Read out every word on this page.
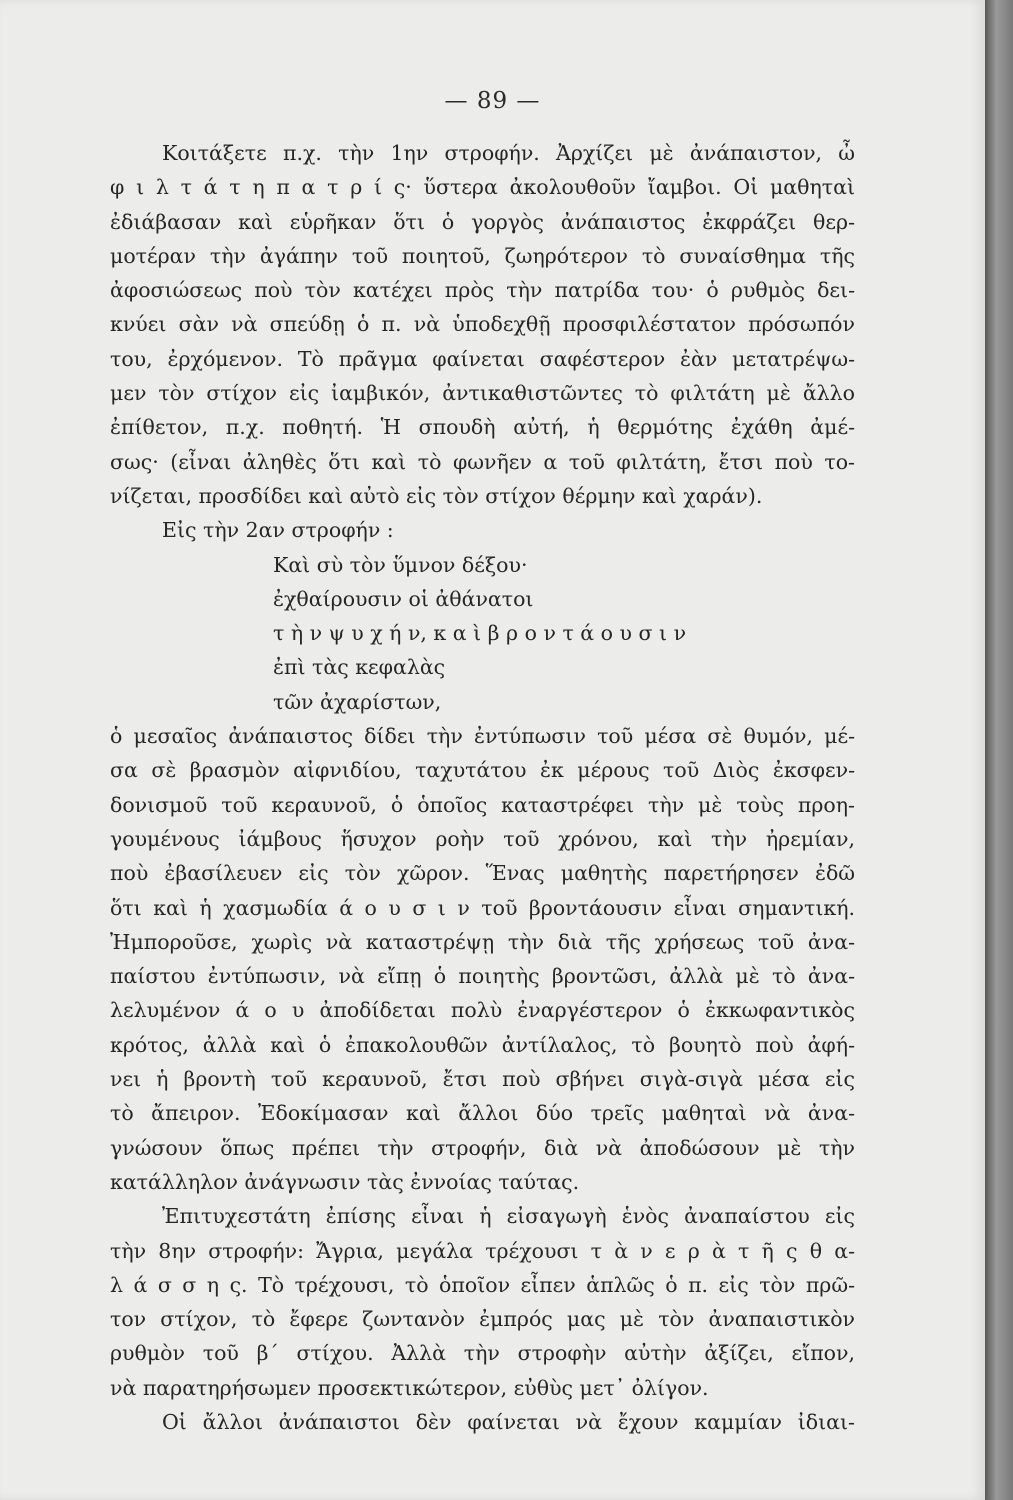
— 89 —
Κοιτάξετε π.χ. τὴν 1ην στροφήν. Ἀρχίζει μὲ ἀνάπαιστον, ὦ
φ ι λ τ ά τ η π α τ ρ ί ς· ὕστερα ἀκολουθοῦν ἴαμβοι. Οἱ μαθηταὶ
ἐδιάβασαν καὶ εὑρῆκαν ὅτι ὁ γοργὸς ἀνάπαιστος ἐκφράζει θερ-
μοτέραν τὴν ἀγάπην τοῦ ποιητοῦ, ζωηρότερον τὸ συναίσθημα τῆς
ἀφοσιώσεως ποὺ τὸν κατέχει πρὸς τὴν πατρίδα του· ὁ ρυθμὸς δει-
κνύει σὰν νὰ σπεύδῃ ὁ π. νὰ ὑποδεχθῇ προσφιλέστατον πρόσωπόν
του, ἐρχόμενον. Τὸ πρᾶγμα φαίνεται σαφέστερον ἐὰν μετατρέψω-
μεν τὸν στίχον εἰς ἰαμβικόν, ἀντικαθιστῶντες τὸ φιλτάτη μὲ ἄλλο
ἐπίθετον, π.χ. ποθητή. Ἡ σπουδὴ αὐτή, ἡ θερμότης ἐχάθη ἀμέ-
σως· (εἶναι ἀληθὲς ὅτι καὶ τὸ φωνῆεν α τοῦ φιλτάτη, ἔτσι ποὺ το-
νίζεται, προσδίδει καὶ αὐτὸ εἰς τὸν στίχον θέρμην καὶ χαράν).
Εἰς τὴν 2αν στροφήν :
Καὶ σὺ τὸν ὕμνον δέξου·
ἐχθαίρουσιν οἱ ἀθάνατοι
τ ὴ ν ψ υ χ ή ν, κ α ὶ β ρ ο ν τ ά ο υ σ ι ν
ἐπὶ τὰς κεφαλὰς
τῶν ἀχαρίστων,
ὁ μεσαῖος ἀνάπαιστος δίδει τὴν ἐντύπωσιν τοῦ μέσα σὲ θυμόν, μέ-
σα σὲ βρασμὸν αἰφνιδίου, ταχυτάτου ἐκ μέρους τοῦ Διὸς ἐκσφεν-
δονισμοῦ τοῦ κεραυνοῦ, ὁ ὁποῖος καταστρέφει τὴν μὲ τοὺς προη-
γουμένους ἰάμβους ἥσυχον ροὴν τοῦ χρόνου, καὶ τὴν ἠρεμίαν,
ποὺ ἐβασίλευεν εἰς τὸν χῶρον. Ἕνας μαθητὴς παρετήρησεν ἐδῶ
ὅτι καὶ ἡ χασμωδία ά ο υ σ ι ν τοῦ βροντάουσιν εἶναι σημαντική.
Ἠμποροῦσε, χωρὶς νὰ καταστρέψῃ τὴν διὰ τῆς χρήσεως τοῦ ἀνα-
παίστου ἐντύπωσιν, νὰ εἴπῃ ὁ ποιητὴς βροντῶσι, ἀλλὰ μὲ τὸ ἀνα-
λελυμένον ά ο υ ἀποδίδεται πολὺ ἐναργέστερον ὁ ἐκκωφαντικὸς
κρότος, ἀλλὰ καὶ ὁ ἐπακολουθῶν ἀντίλαλος, τὸ βουητὸ ποὺ ἀφή-
νει ἡ βροντὴ τοῦ κεραυνοῦ, ἔτσι ποὺ σβήνει σιγὰ-σιγὰ μέσα εἰς
τὸ ἄπειρον. Ἐδοκίμασαν καὶ ἄλλοι δύο τρεῖς μαθηταὶ νὰ ἀνα-
γνώσουν ὅπως πρέπει τὴν στροφήν, διὰ νὰ ἀποδώσουν μὲ τὴν
κατάλληλον ἀνάγνωσιν τὰς ἐννοίας ταύτας.
Ἐπιτυχεστάτη ἐπίσης εἶναι ἡ εἰσαγωγὴ ἑνὸς ἀναπαίστου εἰς
τὴν 8ην στροφήν: Ἄγρια, μεγάλα τρέχουσι τ ὰ ν ε ρ ὰ τ ῆ ς θ α-
λ ά σ σ η ς. Τὸ τρέχουσι, τὸ ὁποῖον εἶπεν ἁπλῶς ὁ π. εἰς τὸν πρῶ-
τον στίχον, τὸ ἔφερε ζωντανὸν ἐμπρός μας μὲ τὸν ἀναπαιστικὸν
ρυθμὸν τοῦ β΄ στίχου. Ἀλλὰ τὴν στροφὴν αὐτὴν ἀξίζει, εἴπον,
νὰ παρατηρήσωμεν προσεκτικώτερον, εὐθὺς μετ᾽ ὀλίγον.
Οἱ ἄλλοι ἀνάπαιστοι δὲν φαίνεται νὰ ἔχουν καμμίαν ἰδιαι-
